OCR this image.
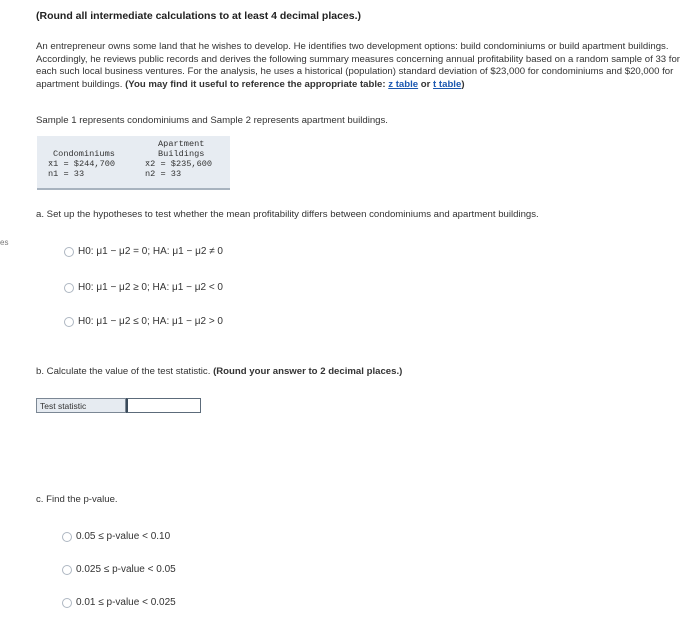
(Round all intermediate calculations to at least 4 decimal places.)
An entrepreneur owns some land that he wishes to develop. He identifies two development options: build condominiums or build apartment buildings. Accordingly, he reviews public records and derives the following summary measures concerning annual profitability based on a random sample of 33 for each such local business ventures. For the analysis, he uses a historical (population) standard deviation of $23,000 for condominiums and $20,000 for apartment buildings. (You may find it useful to reference the appropriate table: z table or t table)
Sample 1 represents condominiums and Sample 2 represents apartment buildings.
Condominiums
x̄1 = $244,700
n1 = 33
Apartment
Buildings
x̄2 = $235,600
n2 = 33
es
a. Set up the hypotheses to test whether the mean profitability differs between condominiums and apartment buildings.
H0: μ1 − μ2 = 0; HA: μ1 − μ2 ≠ 0
H0: μ1 − μ2 ≥ 0; HA: μ1 − μ2 < 0
H0: μ1 − μ2 ≤ 0; HA: μ1 − μ2 > 0
b. Calculate the value of the test statistic. (Round your answer to 2 decimal places.)
Test statistic
c. Find the p-value.
0.05 ≤ p-value < 0.10
0.025 ≤ p-value < 0.05
0.01 ≤ p-value < 0.025
